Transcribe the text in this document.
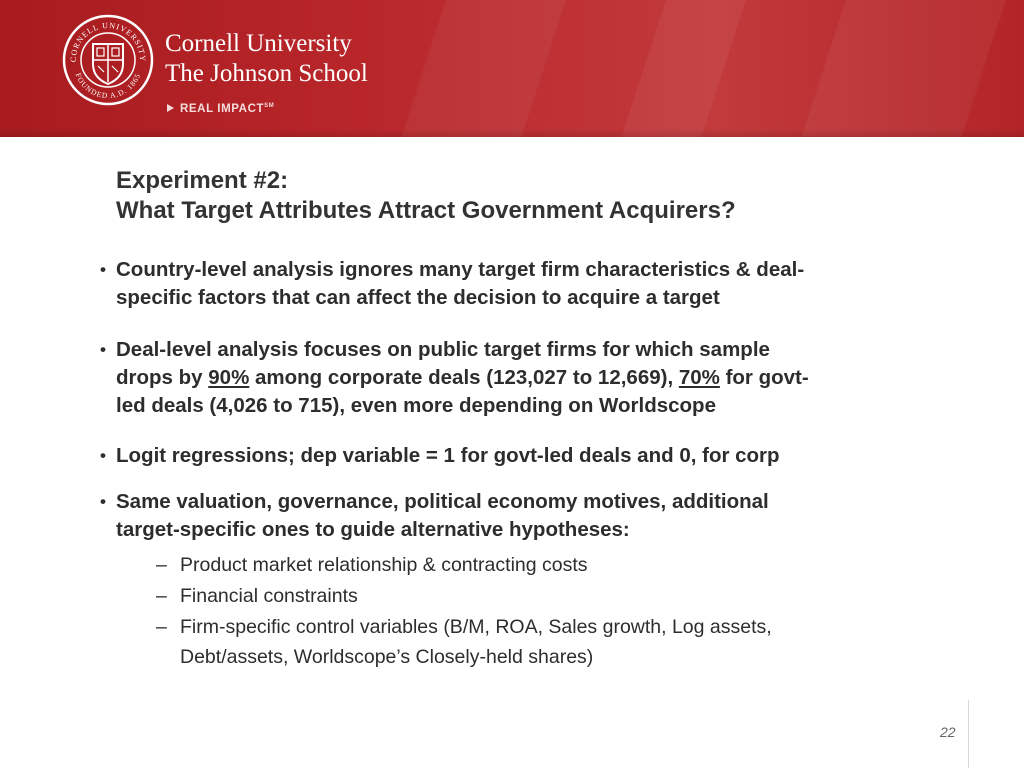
CORNELL UNIVERSITY
FOUNDED A.D. 1865
Cornell University
The Johnson School
REAL IMPACT℠
Experiment #2:
What Target Attributes Attract Government Acquirers?
• Country-level analysis ignores many target firm characteristics & deal-
specific factors that can affect the decision to acquire a target
• Deal-level analysis focuses on public target firms for which sample
drops by 90% among corporate deals (123,027 to 12,669), 70% for govt-
led deals (4,026 to 715), even more depending on Worldscope
• Logit regressions; dep variable = 1 for govt-led deals and 0, for corp
• Same valuation, governance, political economy motives, additional
target-specific ones to guide alternative hypotheses:
– Product market relationship & contracting costs
– Financial constraints
– Firm-specific control variables (B/M, ROA, Sales growth, Log assets,
Debt/assets, Worldscope’s Closely-held shares)
22
